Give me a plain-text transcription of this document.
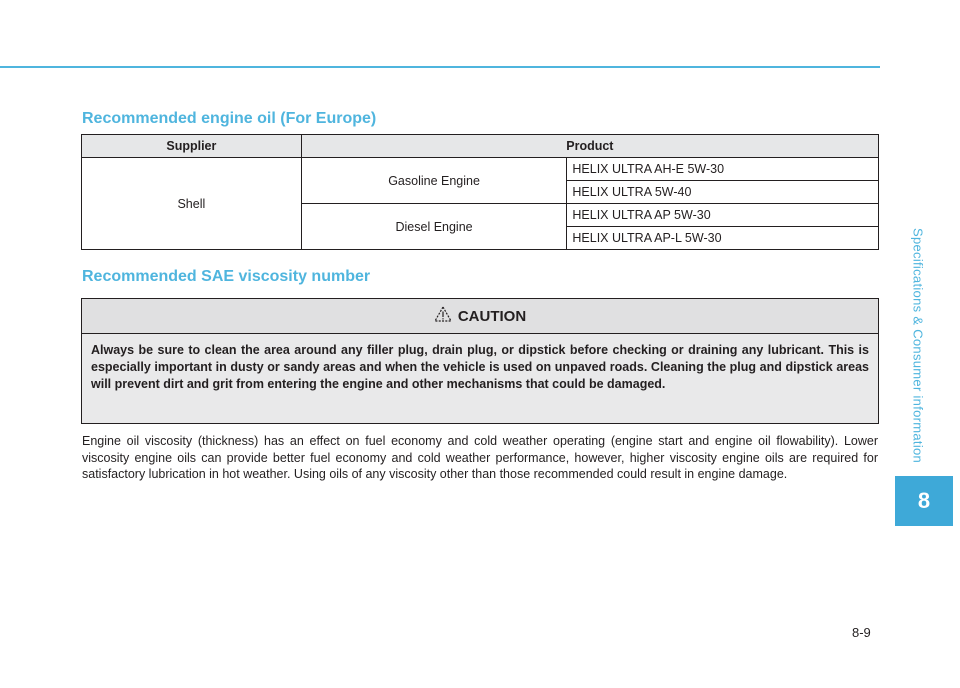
Specifications & Consumer information
8
Recommended engine oil (For Europe)
Supplier	Product	
Shell	Gasoline Engine	HELIX ULTRA AH-E 5W-30
		HELIX ULTRA 5W-40
	Diesel Engine	HELIX ULTRA AP 5W-30
		HELIX ULTRA AP-L 5W-30
Recommended SAE viscosity number
CAUTION

Always be sure to clean the area around any filler plug, drain plug, or dipstick before checking or draining any lubricant. This is especially important in dusty or sandy areas and when the vehicle is used on unpaved roads. Cleaning the plug and dipstick areas will prevent dirt and grit from entering the engine and other mechanisms that could be damaged.

Engine oil viscosity (thickness) has an effect on fuel economy and cold weather operating (engine start and engine oil flowability). Lower viscosity engine oils can provide better fuel economy and cold weather performance, however, higher viscosity engine oils are required for satisfactory lubrication in hot weather. Using oils of any viscosity other than those recommended could result in engine damage.

8-9
